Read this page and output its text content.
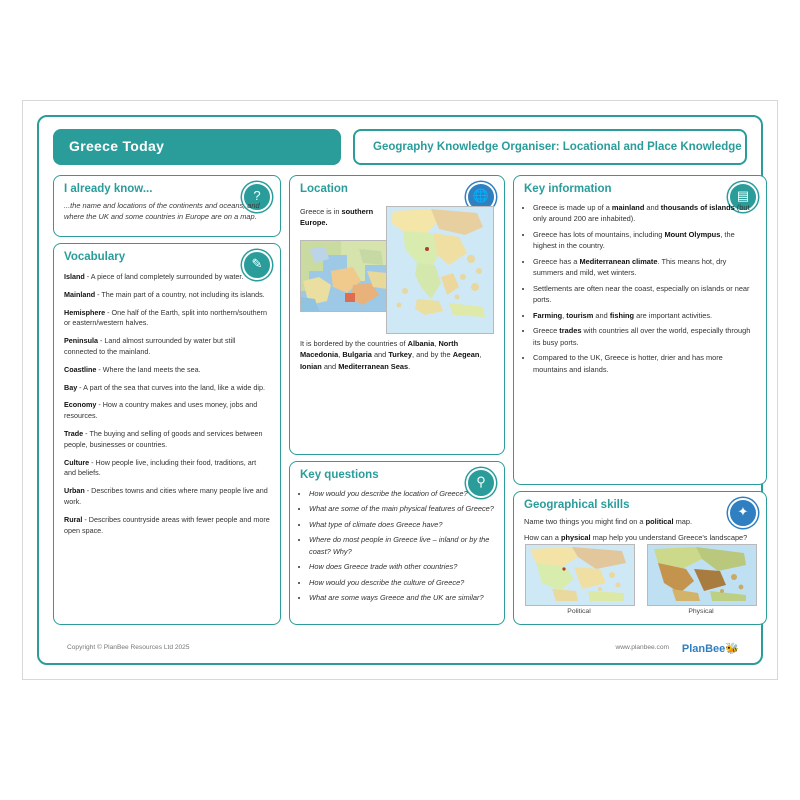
Greece Today	Geography Knowledge Organiser: Locational and Place Knowledge
I already know...	?

...the name and locations of the continents and oceans, and where the UK and some countries in Europe are on a map.

Vocabulary	✎

Island - A piece of land completely surrounded by water.

Mainland - The main part of a country, not including its islands.

Hemisphere - One half of the Earth, split into northern/southern or eastern/western halves.

Peninsula - Land almost surrounded by water but still connected to the mainland.

Coastline - Where the land meets the sea.

Bay - A part of the sea that curves into the land, like a wide dip.

Economy - How a country makes and uses money, jobs and resources.

Trade - The buying and selling of goods and services between people, businesses or countries.

Culture - How people live, including their food, traditions, art and beliefs.

Urban - Describes towns and cities where many people live and work.

Rural - Describes countryside areas with fewer people and more open space.

Location	🌐
Greece is in southern Europe.
It is bordered by the countries of Albania, North Macedonia, Bulgaria and Turkey, and by the Aegean, Ionian and Mediterranean Seas.
Key questions	⚲
• How would you describe the location of Greece?
• What are some of the main physical features of Greece?
• What type of climate does Greece have?
• Where do most people in Greece live – inland or by the coast? Why?
• How does Greece trade with other countries?
• How would you describe the culture of Greece?
• What are some ways Greece and the UK are similar?
Key information	▤
• Greece is made up of a mainland and thousands of islands (but only around 200 are inhabited).
• Greece has lots of mountains, including Mount Olympus, the highest in the country.
• Greece has a Mediterranean climate. This means hot, dry summers and mild, wet winters.
• Settlements are often near the coast, especially on islands or near ports.
• Farming, tourism and fishing are important activities.
• Greece trades with countries all over the world, especially through its busy ports.
• Compared to the UK, Greece is hotter, drier and has more mountains and islands.
Geographical skills	✦

Name two things you might find on a political map.

How can a physical map help you understand Greece's landscape?

Political	Physical
Copyright © PlanBee Resources Ltd 2025	www.planbee.com PlanBee🐝
